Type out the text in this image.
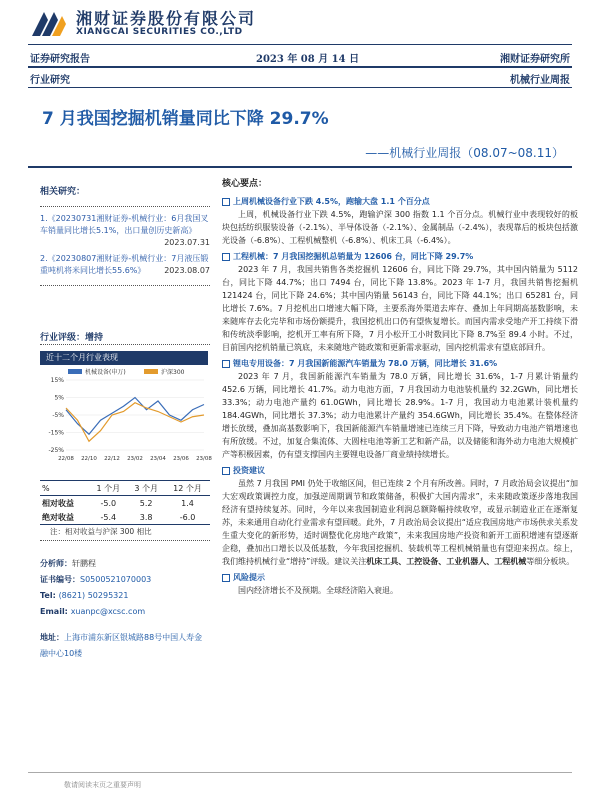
湘财证券股份有限公司
XIANGCAI SECURITIES CO.,LTD
证券研究报告	2023 年 08 月 14 日	湘财证券研究所
行业研究	机械行业周报
7 月我国挖掘机销量同比下降 29.7%
——机械行业周报（08.07~08.11）
相关研究：
1.《20230731湘财证券-机械行业：6月我国叉车销量同比增长5.1%，出口量创历史新高》
2023.07.31
2.《20230807湘财证券-机械行业：7月液压锻重吨机将米同比增长55.6%》 2023.08.07
行业评级：增持
近十二个月行业表现
机械设备(申万)	沪深300
15%
5%
-5%
-15%
-25%
22/08 22/10 22/12 23/02 23/04 23/06 23/08
%	1 个月	3 个月	12 个月
相对收益	-5.0	5.2	1.4
绝对收益	-5.4	3.8	-6.0
注：相对收益与沪深 300 相比
分析师：轩鹏程
证书编号：S0500521070003
Tel: (8621) 50295321
Email: xuanpc@xcsc.com
地址：上海市浦东新区银城路88号中国人寿金融中心10楼
核心要点：
上周机械设备行业下跌 4.5%，跑输大盘 1.1 个百分点
上周，机械设备行业下跌 4.5%，跑输沪深 300 指数 1.1 个百分点。机械行业中表现较好的板块包括纺织服装设备（-2.1%）、半导体设备（-2.1%）、金属制品（-2.4%），表现靠后的板块包括激光设备（-6.8%）、工程机械整机（-6.8%）、机床工具（-6.4%）。
工程机械：7 月我国挖掘机总销量为 12606 台，同比下降 29.7%
2023 年 7 月，我国共销售各类挖掘机 12606 台，同比下降 29.7%，其中国内销量为 5112 台，同比下降 44.7%；出口 7494 台，同比下降 13.8%。2023 年 1-7 月，我国共销售挖掘机 121424 台，同比下降 24.6%；其中国内销量 56143 台，同比下降 44.1%；出口 65281 台，同比增长 7.6%。7 月挖机出口增速大幅下降，主要系海外渠道去库存、叠加上年同期高基数影响，未来随库存去化完毕和市场份额提升，我国挖机出口仍有望恢复增长。而国内需求受地产开工持续下滑和传统淡季影响，挖机开工率有所下降，7 月小松开工小时数同比下降 8.7%至 89.4 小时。不过，目前国内挖机销量已筑底，未来随地产链政策和更新需求驱动，国内挖机需求有望底部回升。
锂电专用设备：7 月我国新能源汽车销量为 78.0 万辆，同比增长 31.6%
2023 年 7 月，我国新能源汽车销量为 78.0 万辆，同比增长 31.6%，1-7 月累计销量约 452.6 万辆，同比增长 41.7%。动力电池方面，7 月我国动力电池装机量约 32.2GWh，同比增长 33.3%；动力电池产量约 61.0GWh，同比增长 28.9%。1-7 月，我国动力电池累计装机量约 184.4GWh，同比增长 37.3%；动力电池累计产量约 354.6GWh，同比增长 35.4%。在整体经济增长放缓，叠加高基数影响下，我国新能源汽车销量增速已连续三月下降，导致动力电池产销增速也有所放缓。不过，加复合集流体、大圆柱电池等新工艺和新产品，以及储能和海外动力电池大规模扩产等积极因素，仍有望支撑国内主要锂电设备厂商业绩持续增长。
投资建议
虽然 7 月我国 PMI 仍处于收缩区间，但已连续 2 个月有所改善。同时，7 月政治局会议提出“加大宏观政策调控力度，加强逆周期调节和政策储备，积极扩大国内需求”，未来随政策逐步落地我国经济有望持续复苏。同时，今年以来我国制造业利润总额降幅持续收窄，或显示制造业正在逐渐复苏，未来通用自动化行业需求有望回暖。此外，7 月政治局会议提出“适应我国房地产市场供求关系发生重大变化的新形势，适时调整优化房地产政策”，未来我国房地产投资和新开工面积增速有望逐渐企稳，叠加出口增长以及低基数，今年我国挖掘机、装载机等工程机械销量也有望迎来拐点。综上，我们维持机械行业“增持”评级。建议关注机床工具、工控设备、工业机器人、工程机械等细分板块。
风险提示
国内经济增长不及预期。全球经济陷入衰退。
敬请阅读末页之重要声明
